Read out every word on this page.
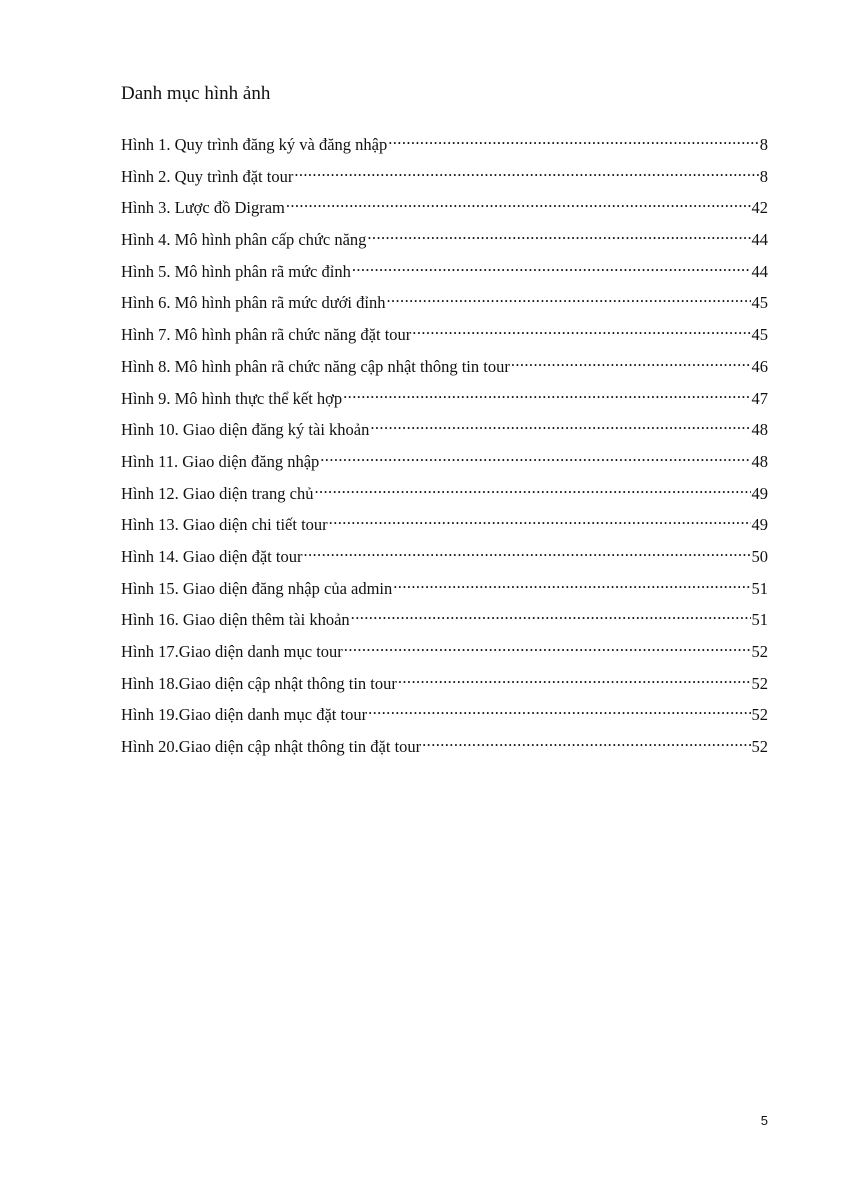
Danh mục hình ảnh
Hình 1. Quy trình đăng ký và đăng nhập .....	8
Hình 2. Quy trình đặt tour .....	8
Hình 3. Lược đồ Digram .....	42
Hình 4. Mô hình phân cấp chức năng .....	44
Hình 5. Mô hình phân rã mức đỉnh .....	44
Hình 6. Mô hình phân rã mức dưới đỉnh .....	45
Hình 7. Mô hình phân rã chức năng đặt tour .....	45
Hình 8. Mô hình phân rã chức năng cập nhật thông tin tour .....	46
Hình 9. Mô hình thực thể kết hợp .....	47
Hình 10. Giao diện đăng ký tài khoản .....	48
Hình 11. Giao diện đăng nhập .....	48
Hình 12. Giao diện trang chủ .....	49
Hình 13. Giao diện chi tiết tour .....	49
Hình 14. Giao diện đặt tour .....	50
Hình 15. Giao diện đăng nhập của admin .....	51
Hình 16. Giao diện thêm tài khoản .....	51
Hình 17.Giao diện danh mục tour .....	52
Hình 18.Giao diện cập nhật thông tin tour .....	52
Hình 19.Giao diện danh mục đặt tour .....	52
Hình 20.Giao diện cập nhật thông tin đặt tour .....	52
5
